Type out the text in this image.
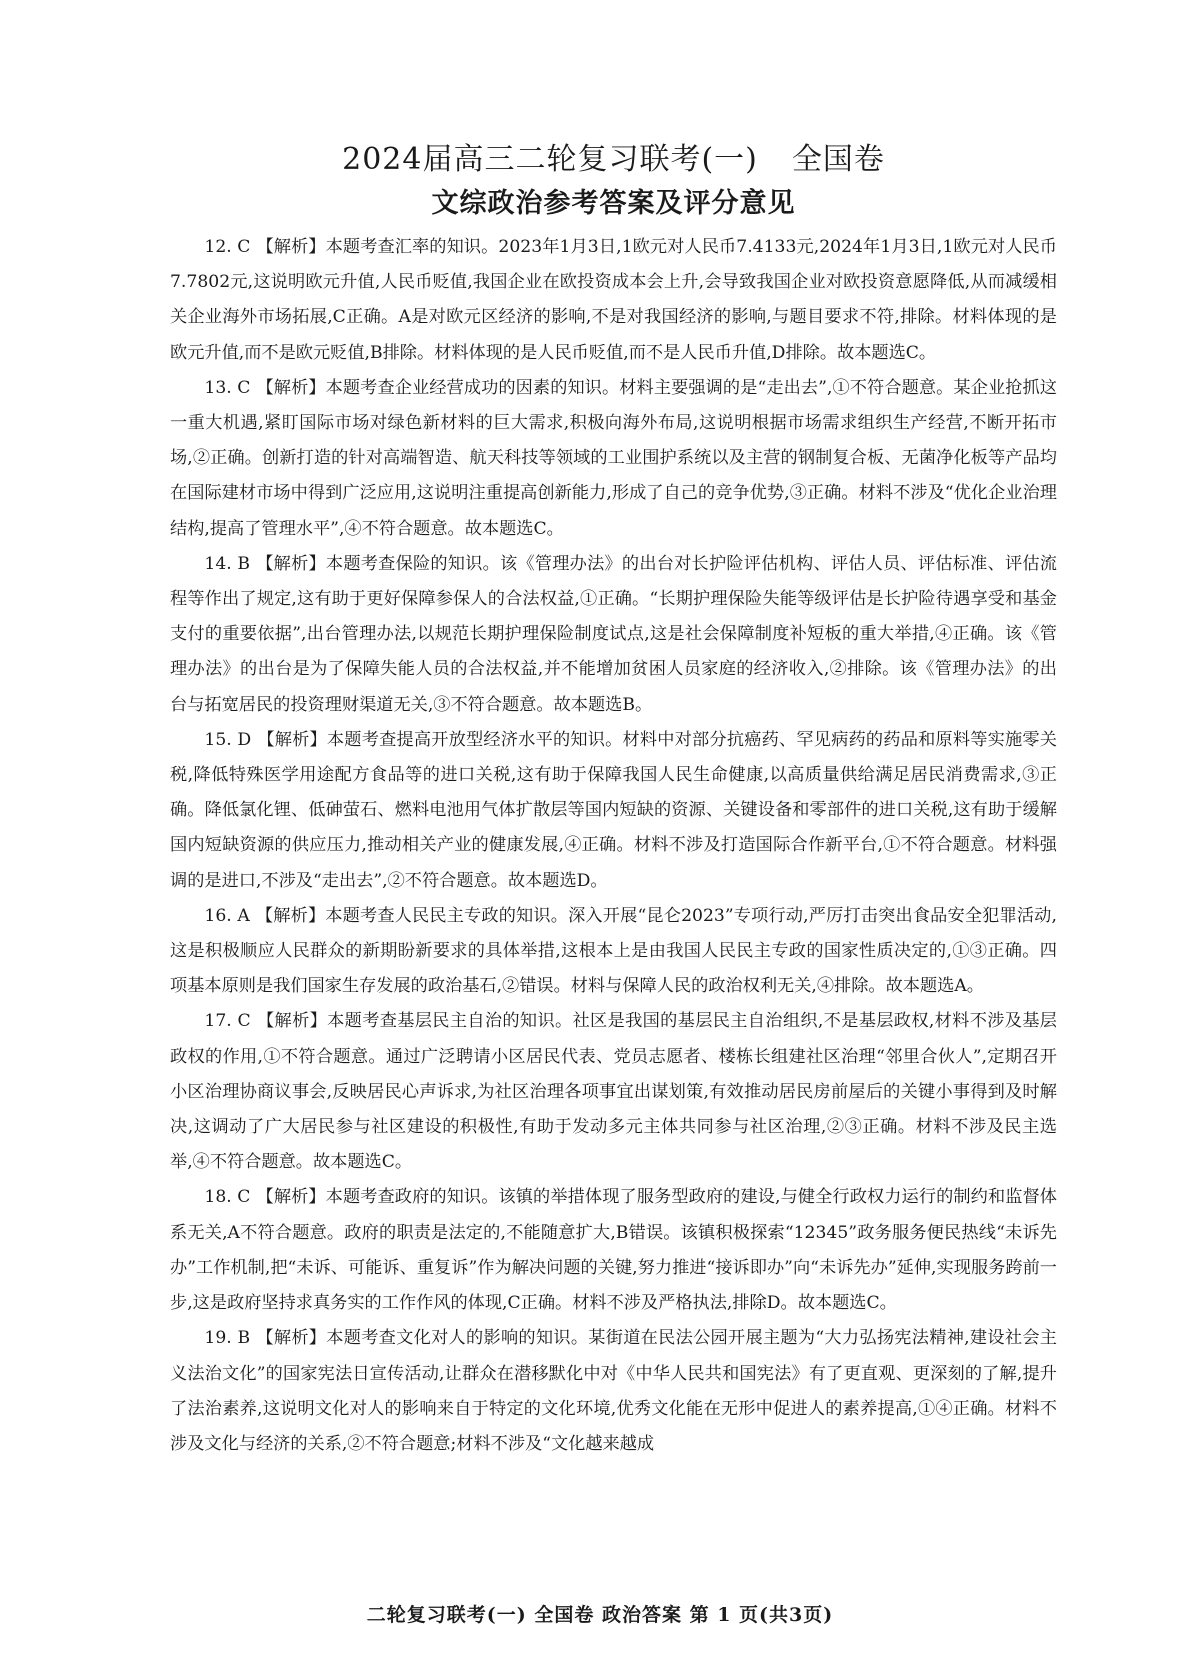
2024届高三二轮复习联考(一) 全国卷
文综政治参考答案及评分意见

12. C 【解析】本题考查汇率的知识。2023年1月3日,1欧元对人民币7.4133元,2024年1月3日,1欧元对人民币7.7802元,这说明欧元升值,人民币贬值,我国企业在欧投资成本会上升,会导致我国企业对欧投资意愿降低,从而减缓相关企业海外市场拓展,C正确。A是对欧元区经济的影响,不是对我国经济的影响,与题目要求不符,排除。材料体现的是欧元升值,而不是欧元贬值,B排除。材料体现的是人民币贬值,而不是人民币升值,D排除。故本题选C。

13. C 【解析】本题考查企业经营成功的因素的知识。材料主要强调的是“走出去”,①不符合题意。某企业抢抓这一重大机遇,紧盯国际市场对绿色新材料的巨大需求,积极向海外布局,这说明根据市场需求组织生产经营,不断开拓市场,②正确。创新打造的针对高端智造、航天科技等领域的工业围护系统以及主营的钢制复合板、无菌净化板等产品均在国际建材市场中得到广泛应用,这说明注重提高创新能力,形成了自己的竞争优势,③正确。材料不涉及“优化企业治理结构,提高了管理水平”,④不符合题意。故本题选C。

14. B 【解析】本题考查保险的知识。该《管理办法》的出台对长护险评估机构、评估人员、评估标准、评估流程等作出了规定,这有助于更好保障参保人的合法权益,①正确。“长期护理保险失能等级评估是长护险待遇享受和基金支付的重要依据”,出台管理办法,以规范长期护理保险制度试点,这是社会保障制度补短板的重大举措,④正确。该《管理办法》的出台是为了保障失能人员的合法权益,并不能增加贫困人员家庭的经济收入,②排除。该《管理办法》的出台与拓宽居民的投资理财渠道无关,③不符合题意。故本题选B。

15. D 【解析】本题考查提高开放型经济水平的知识。材料中对部分抗癌药、罕见病药的药品和原料等实施零关税,降低特殊医学用途配方食品等的进口关税,这有助于保障我国人民生命健康,以高质量供给满足居民消费需求,③正确。降低氯化锂、低砷萤石、燃料电池用气体扩散层等国内短缺的资源、关键设备和零部件的进口关税,这有助于缓解国内短缺资源的供应压力,推动相关产业的健康发展,④正确。材料不涉及打造国际合作新平台,①不符合题意。材料强调的是进口,不涉及“走出去”,②不符合题意。故本题选D。

16. A 【解析】本题考查人民民主专政的知识。深入开展“昆仑2023”专项行动,严厉打击突出食品安全犯罪活动,这是积极顺应人民群众的新期盼新要求的具体举措,这根本上是由我国人民民主专政的国家性质决定的,①③正确。四项基本原则是我们国家生存发展的政治基石,②错误。材料与保障人民的政治权利无关,④排除。故本题选A。

17. C 【解析】本题考查基层民主自治的知识。社区是我国的基层民主自治组织,不是基层政权,材料不涉及基层政权的作用,①不符合题意。通过广泛聘请小区居民代表、党员志愿者、楼栋长组建社区治理“邻里合伙人”,定期召开小区治理协商议事会,反映居民心声诉求,为社区治理各项事宜出谋划策,有效推动居民房前屋后的关键小事得到及时解决,这调动了广大居民参与社区建设的积极性,有助于发动多元主体共同参与社区治理,②③正确。材料不涉及民主选举,④不符合题意。故本题选C。

18. C 【解析】本题考查政府的知识。该镇的举措体现了服务型政府的建设,与健全行政权力运行的制约和监督体系无关,A不符合题意。政府的职责是法定的,不能随意扩大,B错误。该镇积极探索“12345”政务服务便民热线“未诉先办”工作机制,把“未诉、可能诉、重复诉”作为解决问题的关键,努力推进“接诉即办”向“未诉先办”延伸,实现服务跨前一步,这是政府坚持求真务实的工作作风的体现,C正确。材料不涉及严格执法,排除D。故本题选C。

19. B 【解析】本题考查文化对人的影响的知识。某街道在民法公园开展主题为“大力弘扬宪法精神,建设社会主义法治文化”的国家宪法日宣传活动,让群众在潜移默化中对《中华人民共和国宪法》有了更直观、更深刻的了解,提升了法治素养,这说明文化对人的影响来自于特定的文化环境,优秀文化能在无形中促进人的素养提高,①④正确。材料不涉及文化与经济的关系,②不符合题意;材料不涉及“文化越来越成

二轮复习联考(一) 全国卷 政治答案 第 1 页(共3页)
